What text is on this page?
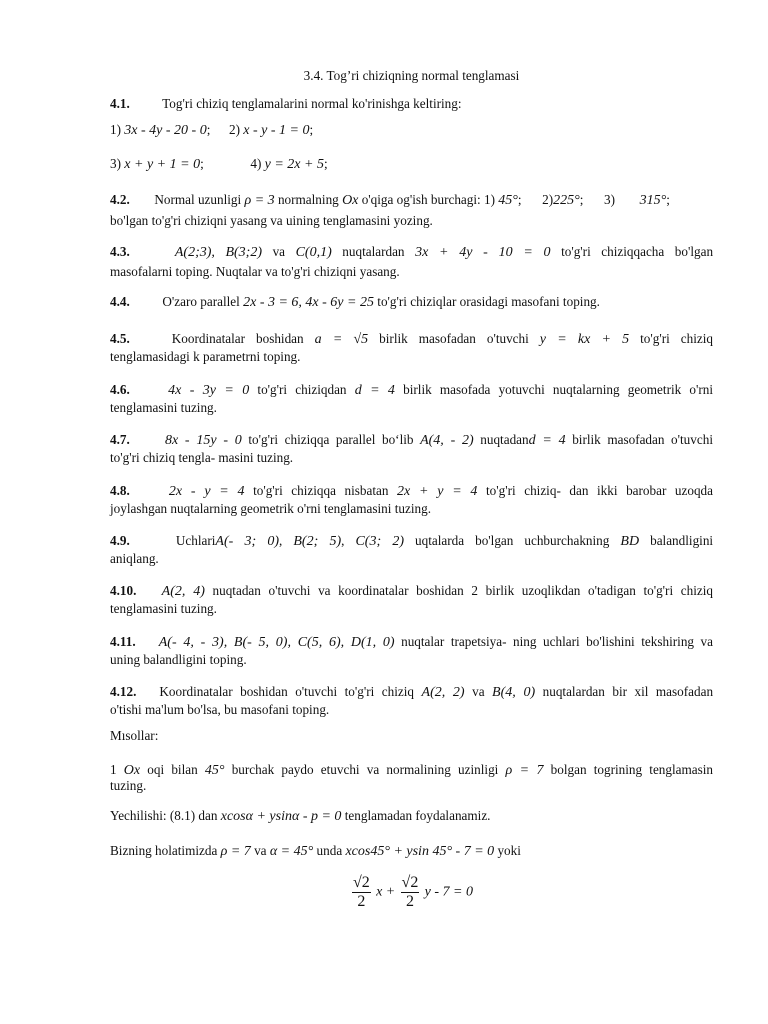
3.4. Tog’ri chiziqning normal tenglamasi
4.1. Tog'ri chiziq tenglamalarini normal ko'rinishga keltiring:
1) 3x - 4y - 20 - 0; 2) x - y - 1 = 0;
3) x + y + 1 = 0;	4) y = 2x + 5;
4.2. Normal uzunligi ρ = 3 normalning Ox o'qiga og'ish burchagi: 1) 45°; 2)225°; 3) 315°;
bo'lgan to'g'ri chiziqni yasang va uining tenglamasini yozing.
4.3.	A(2;3), B(3;2) va C(0,1) nuqtalardan 3x + 4y - 10 = 0 to'g'ri chiziqqacha bo'lgan
masofalarni toping. Nuqtalar va to'g'ri chiziqni yasang.
4.4. O'zaro parallel 2x - 3 = 6, 4x - 6y = 25 to'g'ri chiziqlar orasidagi masofani toping.
4.5.	Koordinatalar boshidan a = √5 birlik masofadan o'tuvchi y = kx + 5 to'g'ri chiziq
tenglamasidagi k parametrni toping.
4.6.	4x - 3y = 0 to'g'ri chiziqdan d = 4 birlik masofada yotuvchi nuqtalarning geometrik o'rni
tenglamasini tuzing.
4.7.	8x - 15y - 0 to'g'ri chiziqqa parallel bo‘lib A(4, - 2) nuqtadand = 4 birlik masofadan o'tuvchi
to'g'ri chiziq tengla- masini tuzing.
4.8.	2x - y = 4 to'g'ri chiziqqa nisbatan 2x + y = 4 to'g'ri chiziq- dan ikki barobar uzoqda
joylashgan nuqtalarning geometrik o'rni tenglamasini tuzing.
4.9.	UchlariA(- 3; 0), B(2; 5), C(3; 2) uqtalarda bo'lgan uchburchakning BD balandligini
aniqlang.
4.10. A(2, 4) nuqtadan o'tuvchi va koordinatalar boshidan 2 birlik uzoqlikdan o'tadigan to'g'ri chiziq
tenglamasini tuzing.
4.11. A(- 4, - 3), B(- 5, 0), C(5, 6), D(1, 0) nuqtalar trapetsiya- ning uchlari bo'lishini tekshiring va
uning balandligini toping.
4.12. Koordinatalar boshidan o'tuvchi to'g'ri chiziq A(2, 2) va B(4, 0) nuqtalardan bir xil masofadan
o'tishi ma'lum bo'lsa, bu masofani toping.
Mısollar:
1 Ox oqi bilan 45° burchak paydo etuvchi va normalining uzinligi ρ = 7 bolgan togrining tenglamasin
tuzing.
Yechilishi: (8.1) dan xcosα + ysinα - p = 0 tenglamadan foydalanamiz.
Bizning holatimizda ρ = 7 va α = 45° unda xcos45° + ysin 45° - 7 = 0 yoki
$\frac{√2}{2}$ $x + \frac{√2}{2}$ y - 7 = 0
